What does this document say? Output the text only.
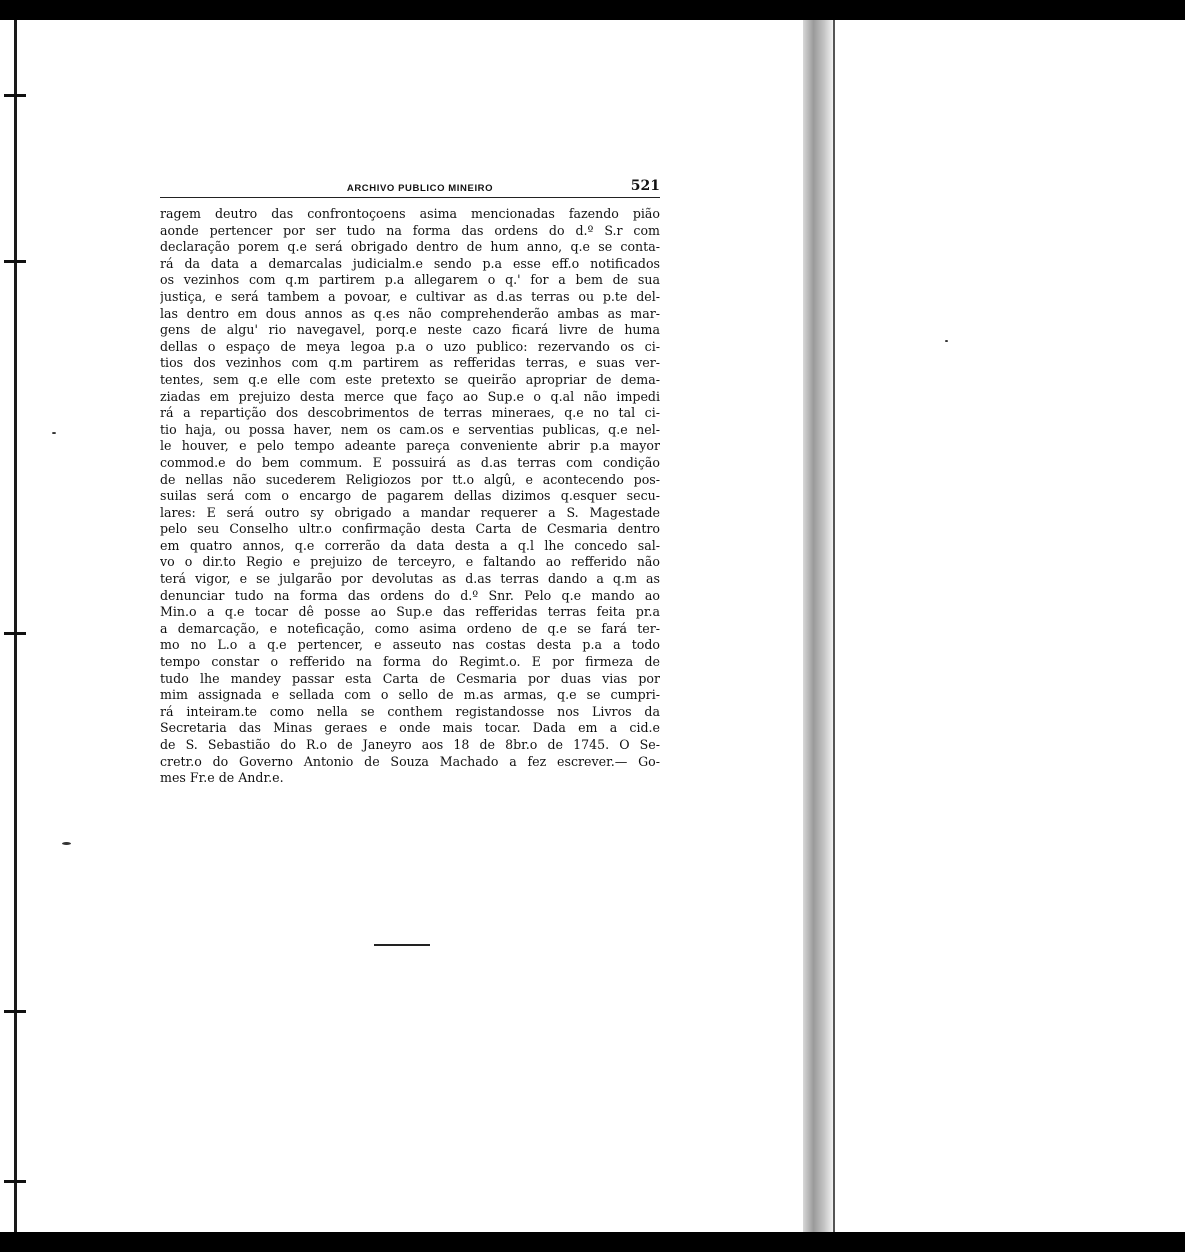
ARCHIVO PUBLICO MINEIRO	521
ragem deutro das confrontoçoens asima mencionadas fazendo pião
aonde pertencer por ser tudo na forma das ordens do d.º S.r com
declaração porem q.e será obrigado dentro de hum anno, q.e se conta-
rá da data a demarcalas judicialm.e sendo p.a esse eff.o notificados
os vezinhos com q.m partirem p.a allegarem o q.' for a bem de sua
justiça, e será tambem a povoar, e cultivar as d.as terras ou p.te del-
las dentro em dous annos as q.es não comprehenderão ambas as mar-
gens de algu' rio navegavel, porq.e neste cazo ficará livre de huma
dellas o espaço de meya legoa p.a o uzo publico: rezervando os ci-
tios dos vezinhos com q.m partirem as refferidas terras, e suas ver-
tentes, sem q.e elle com este pretexto se queirão apropriar de dema-
ziadas em prejuizo desta merce que faço ao Sup.e o q.al não impedi
rá a repartição dos descobrimentos de terras mineraes, q.e no tal ci-
tio haja, ou possa haver, nem os cam.os e serventias publicas, q.e nel-
le houver, e pelo tempo adeante pareça conveniente abrir p.a mayor
commod.e do bem commum. E possuirá as d.as terras com condição
de nellas não sucederem Religiozos por tt.o algû, e acontecendo pos-
suilas será com o encargo de pagarem dellas dizimos q.esquer secu-
lares: E será outro sy obrigado a mandar requerer a S. Magestade
pelo seu Conselho ultr.o confirmação desta Carta de Cesmaria dentro
em quatro annos, q.e correrão da data desta a q.l lhe concedo sal-
vo o dir.to Regio e prejuizo de terceyro, e faltando ao refferido não
terá vigor, e se julgarão por devolutas as d.as terras dando a q.m as
denunciar tudo na forma das ordens do d.º Snr. Pelo q.e mando ao
Min.o a q.e tocar dê posse ao Sup.e das refferidas terras feita pr.a
a demarcação, e noteficação, como asima ordeno de q.e se fará ter-
mo no L.o a q.e pertencer, e asseuto nas costas desta p.a a todo
tempo constar o refferido na forma do Regimt.o. E por firmeza de
tudo lhe mandey passar esta Carta de Cesmaria por duas vias por
mim assignada e sellada com o sello de m.as armas, q.e se cumpri-
rá inteiram.te como nella se conthem registandosse nos Livros da
Secretaria das Minas geraes e onde mais tocar. Dada em a cid.e
de S. Sebastião do R.o de Janeyro aos 18 de 8br.o de 1745. O Se-
cretr.o do Governo Antonio de Souza Machado a fez escrever.— Go-
mes Fr.e de Andr.e.
